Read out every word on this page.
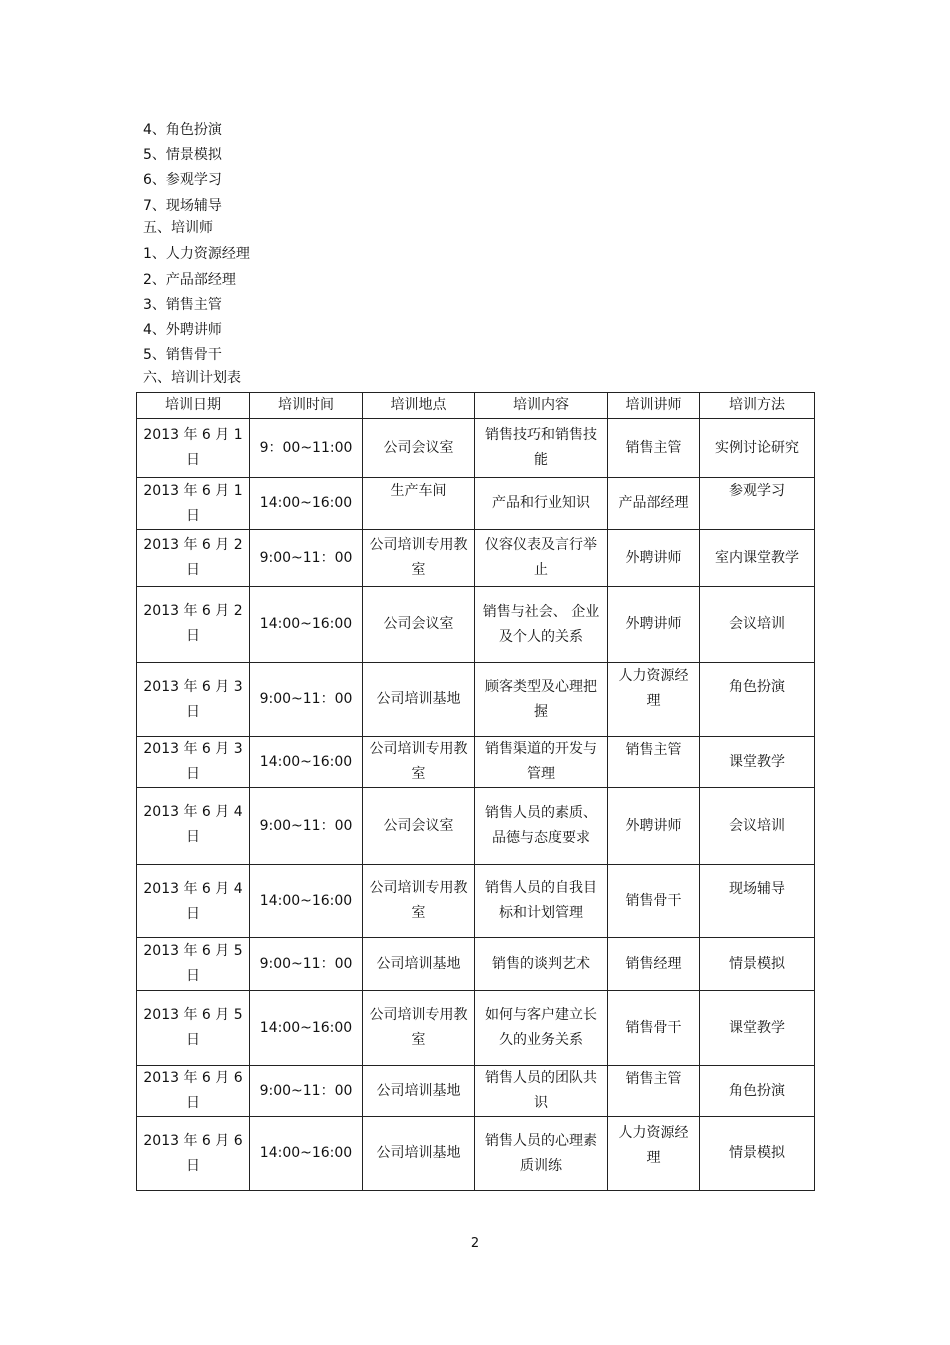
4、角色扮演
5、情景模拟
6、参观学习
7、现场辅导
五、培训师
1、人力资源经理
2、产品部经理
3、销售主管
4、外聘讲师
5、销售骨干
六、培训计划表
培训日期	培训时间	培训地点	培训内容	培训讲师	培训方法
2013 年 6 月 1 日	9：00~11:00	公司会议室	销售技巧和销售技能	销售主管	实例讨论研究
2013 年 6 月 1 日	14:00~16:00	生产车间	产品和行业知识	产品部经理	参观学习
2013 年 6 月 2 日	9:00~11：00	公司培训专用教室	仪容仪表及言行举止	外聘讲师	室内课堂教学
2013 年 6 月 2 日	14:00~16:00	公司会议室	销售与社会、 企业及个人的关系	外聘讲师	会议培训
2013 年 6 月 3 日	9:00~11：00	公司培训基地	顾客类型及心理把握	人力资源经理	角色扮演
2013 年 6 月 3 日	14:00~16:00	公司培训专用教室	销售渠道的开发与管理	销售主管	课堂教学
2013 年 6 月 4 日	9:00~11：00	公司会议室	销售人员的素质、品德与态度要求	外聘讲师	会议培训
2013 年 6 月 4 日	14:00~16:00	公司培训专用教室	销售人员的自我目标和计划管理	销售骨干	现场辅导
2013 年 6 月 5 日	9:00~11：00	公司培训基地	销售的谈判艺术	销售经理	情景模拟
2013 年 6 月 5 日	14:00~16:00	公司培训专用教室	如何与客户建立长久的业务关系	销售骨干	课堂教学
2013 年 6 月 6 日	9:00~11：00	公司培训基地	销售人员的团队共识	销售主管	角色扮演
2013 年 6 月 6 日	14:00~16:00	公司培训基地	销售人员的心理素质训练	人力资源经理	情景模拟
2
